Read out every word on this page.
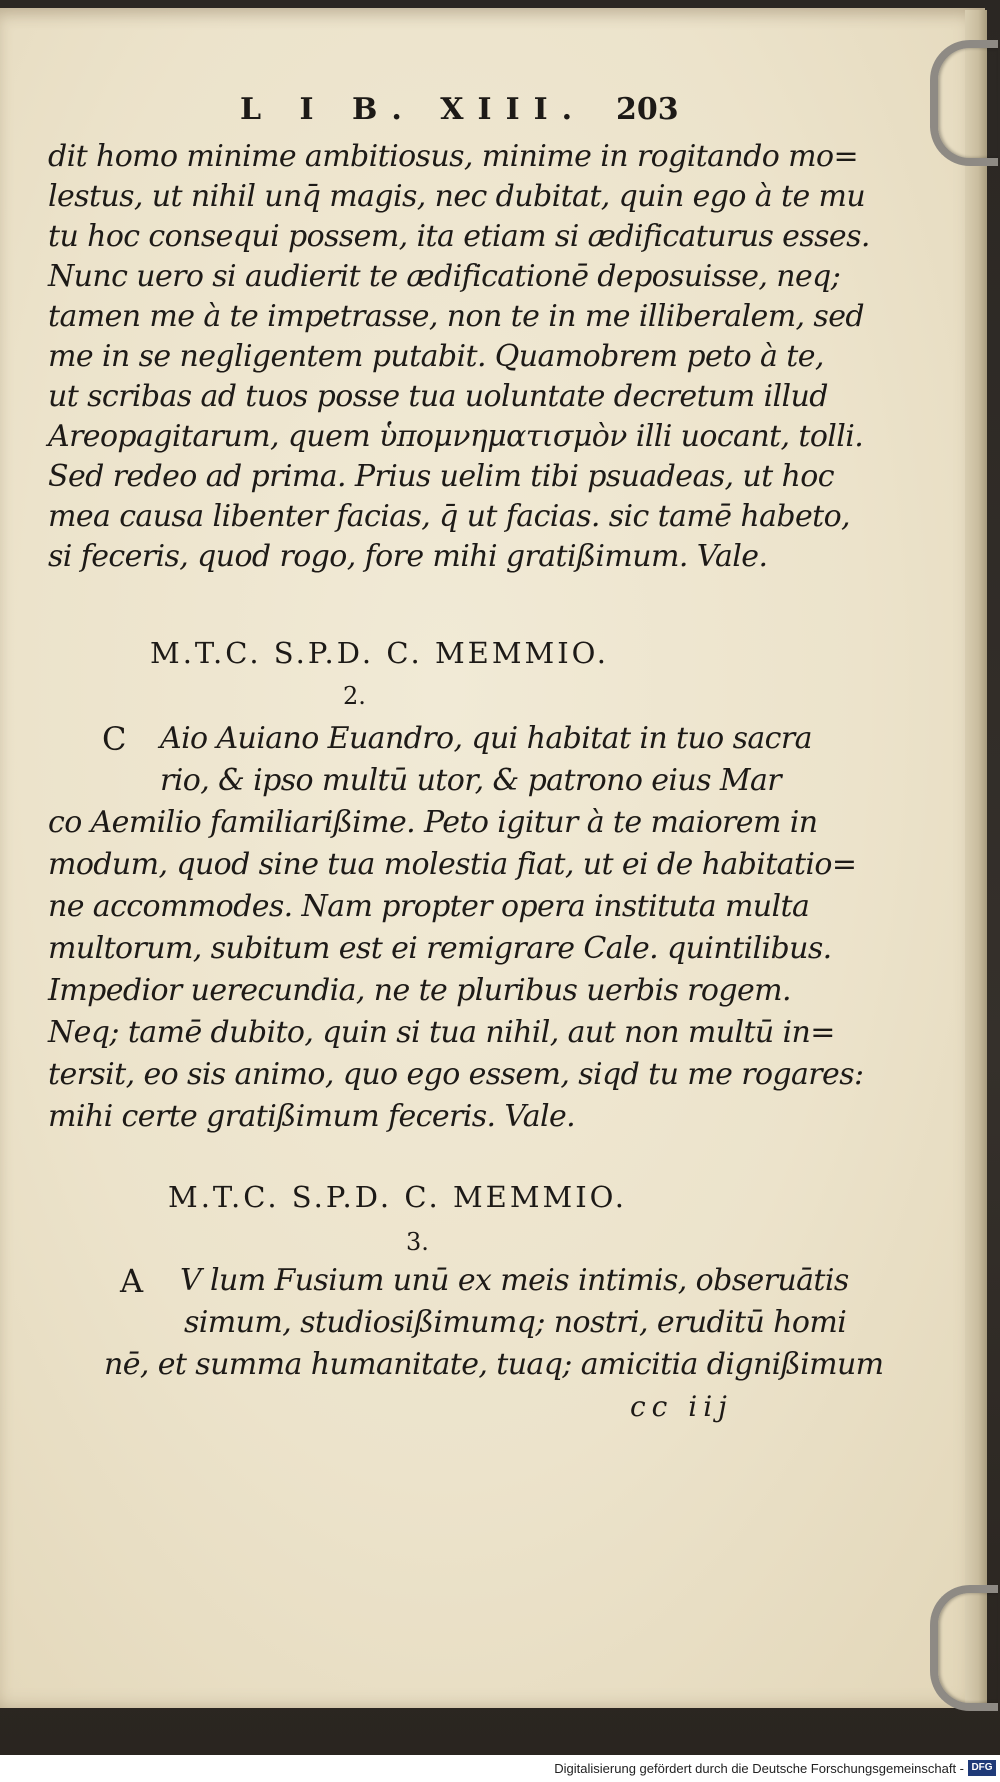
L I B. XIII. 203
dit homo minime ambitiosus, minime in rogitando mo=
lestus, ut nihil unq̄ magis, nec dubitat, quin ego à te mu
tu hoc consequi possem, ita etiam si ædificaturus esses.
Nunc uero si audierit te ædificationē deposuisse, neq;
tamen me à te impetrasse, non te in me illiberalem, sed
me in se negligentem putabit. Quamobrem peto à te,
ut scribas ad tuos posse tua uoluntate decretum illud
Areopagitarum, quem ὑπομνηματισμὸν illi uocant, tolli.
Sed redeo ad prima. Prius uelim tibi psuadeas, ut hoc
mea causa libenter facias, q̄ ut facias. sic tamē habeto,
si feceris, quod rogo, fore mihi gratißimum. Vale.
M.T.C. S.P.D. C. MEMMIO.
2.
C Aio Auiano Euandro, qui habitat in tuo sacra
rio, & ipso multū utor, & patrono eius Mar
co Aemilio familiarißime. Peto igitur à te maiorem in
modum, quod sine tua molestia fiat, ut ei de habitatio=
ne accommodes. Nam propter opera instituta multa
multorum, subitum est ei remigrare Cale. quintilibus.
Impedior uerecundia, ne te pluribus uerbis rogem.
Neq; tamē dubito, quin si tua nihil, aut non multū in=
tersit, eo sis animo, quo ego essem, siqd tu me rogares:
mihi certe gratißimum feceris. Vale.
M.T.C. S.P.D. C. MEMMIO.
3.
A V lum Fusium unū ex meis intimis, obseruātis
simum, studiosißimumq; nostri, eruditū homi
nē, et summa humanitate, tuaq; amicitia dignißimum
cc iij
Digitalisierung gefördert durch die Deutsche Forschungsgemeinschaft - DFG
